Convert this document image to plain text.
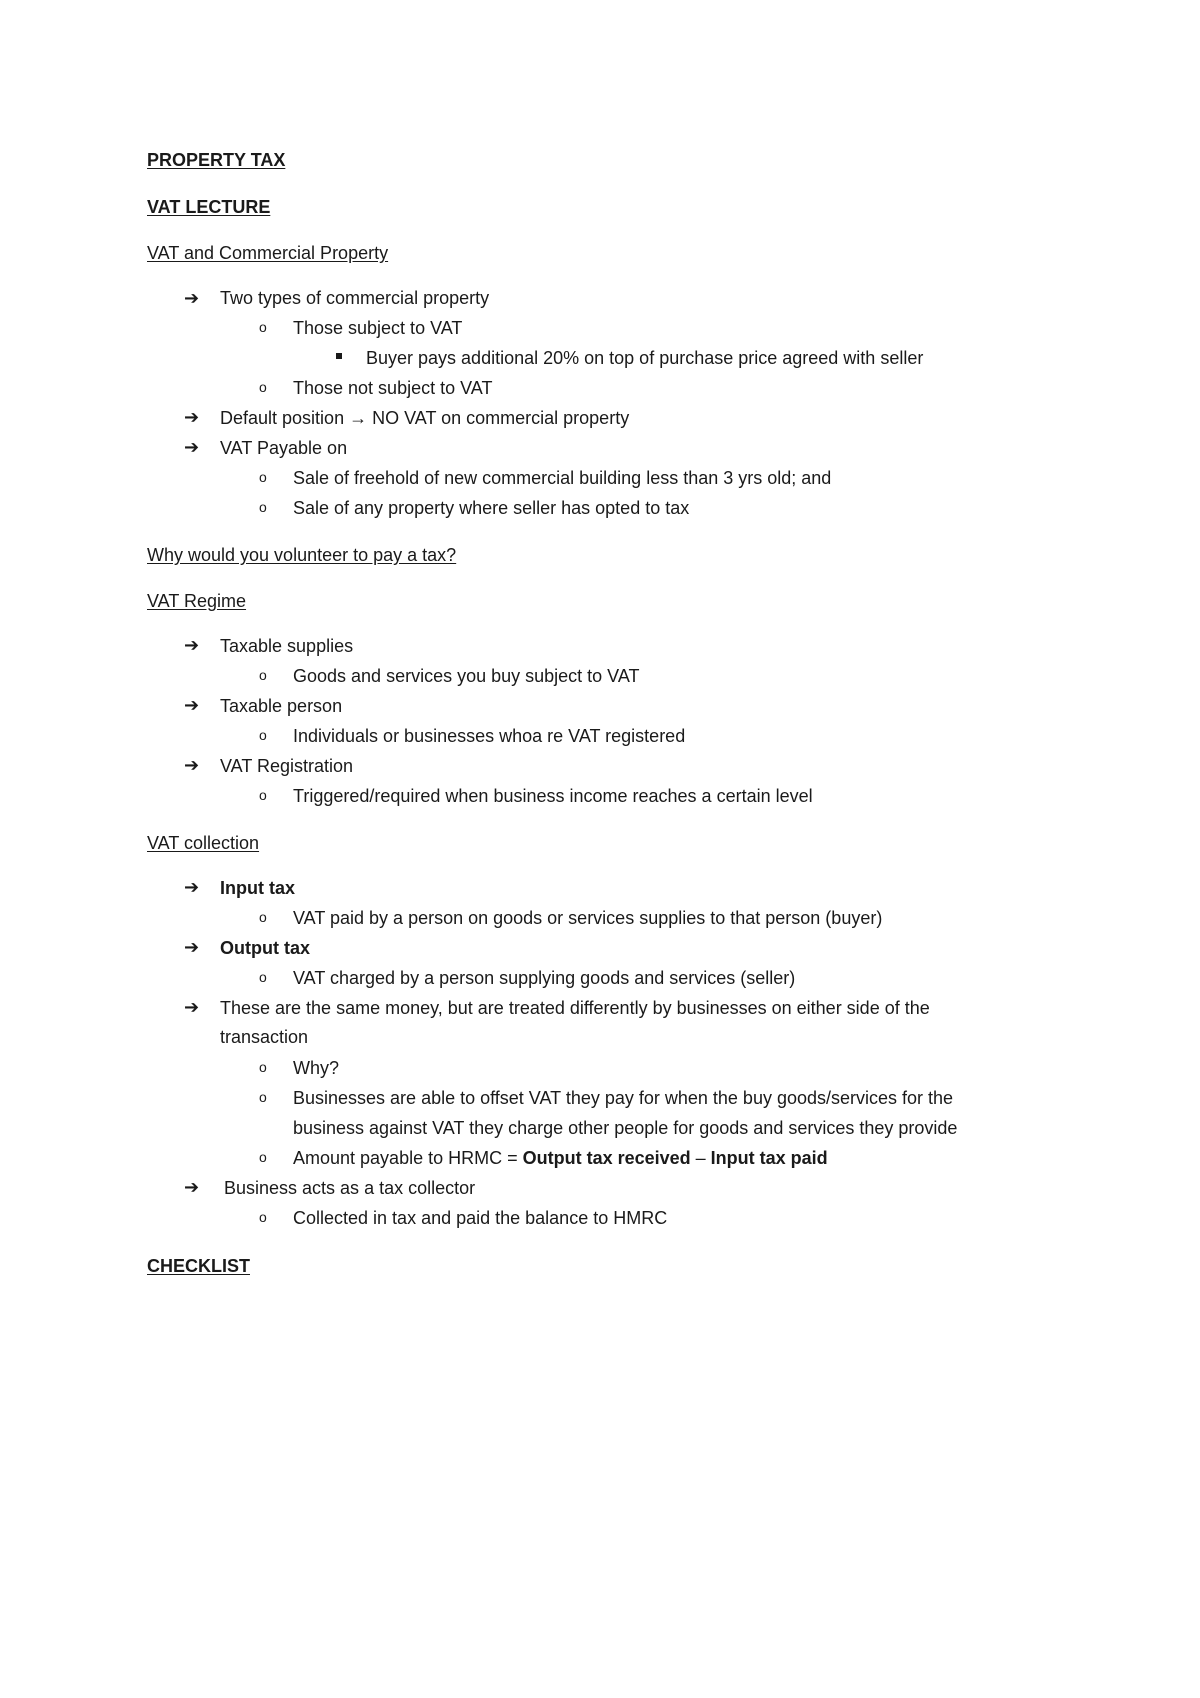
PROPERTY TAX
VAT LECTURE
VAT and Commercial Property
➔ Two types of commercial property
o Those subject to VAT
Buyer pays additional 20% on top of purchase price agreed with seller
o Those not subject to VAT
➔ Default position → NO VAT on commercial property
➔ VAT Payable on
o Sale of freehold of new commercial building less than 3 yrs old; and
o Sale of any property where seller has opted to tax
Why would you volunteer to pay a tax?
VAT Regime
➔ Taxable supplies
o Goods and services you buy subject to VAT
➔ Taxable person
o Individuals or businesses whoa re VAT registered
➔ VAT Registration
o Triggered/required when business income reaches a certain level
VAT collection
➔ Input tax
o VAT paid by a person on goods or services supplies to that person (buyer)
➔ Output tax
o VAT charged by a person supplying goods and services (seller)
➔ These are the same money, but are treated differently by businesses on either side of the
transaction
o Why?
o Businesses are able to offset VAT they pay for when the buy goods/services for the
business against VAT they charge other people for goods and services they provide
o Amount payable to HRMC = Output tax received – Input tax paid
➔ Business acts as a tax collector
o Collected in tax and paid the balance to HMRC
CHECKLIST
